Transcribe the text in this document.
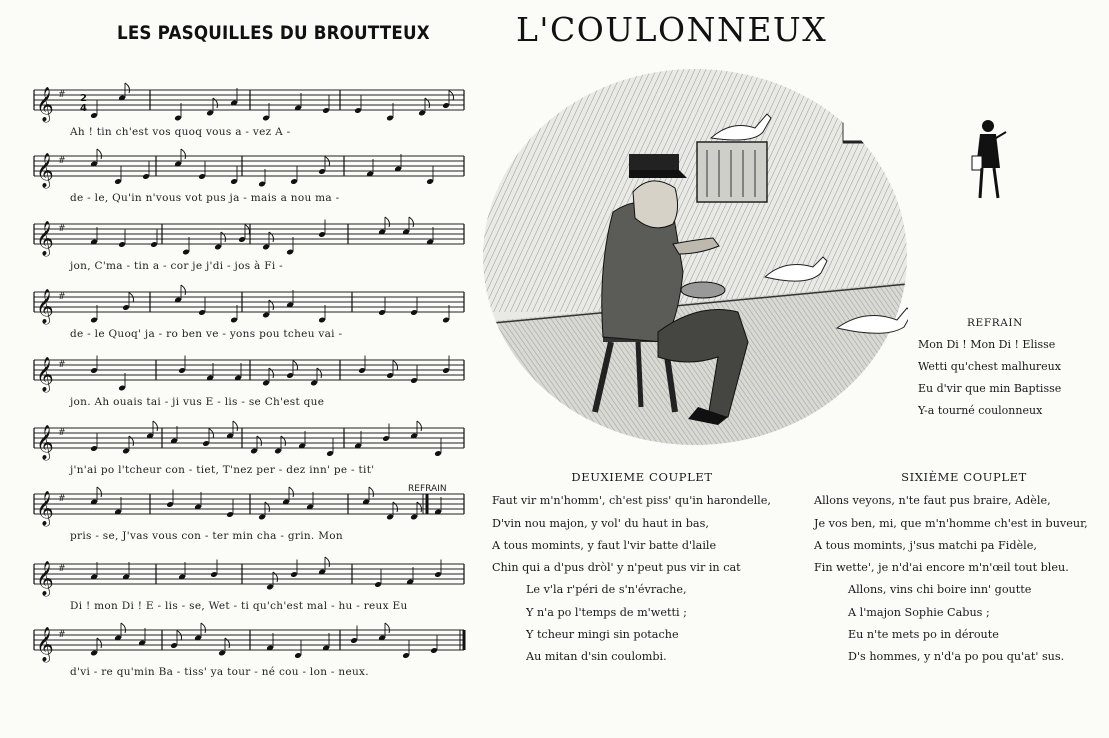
LES PASQUILLES DU BROUTTEUX	L'COULONNEUX
𝄞 # 2
4
Ah ! tin ch'est vos quoq vous a - vez A -
𝄞 #
de - le, Qu'in n'vous vot pus ja - mais a nou ma -
𝄞 #
jon, C'ma - tin a - cor je j'di - jos à Fi -
𝄞 #
de - le Quoq' ja - ro ben ve - yons pou tcheu vai -
𝄞 #
jon. Ah ouais tai - ji vus E - lis - se Ch'est que
𝄞 #
j'n'ai po l'tcheur con - tiet, T'nez per - dez inn' pe - tit'
REFRAIN
𝄞 #
pris - se, J'vas vous con - ter min cha - grin. Mon
𝄞 #
Di ! mon Di ! E - lis - se, Wet - ti qu'ch'est mal - hu - reux Eu
𝄞 #
d'vi - re qu'min Ba - tiss' ya tour - né cou - lon - neux.
REFRAIN
Mon Di ! Mon Di ! Elisse
Wetti qu'chest malhureux
Eu d'vir que min Baptisse
Y-a tourné coulonneux
DEUXIEME COUPLET
Faut vir m'n'homm', ch'est piss' qu'in harondelle,
D'vin nou majon, y vol' du haut in bas,
A tous momints, y faut l'vir batte d'laile
Chin qui a d'pus dròl' y n'peut pus vir in cat
Le v'la r'péri de s'n'évrache,
Y n'a po l'temps de m'wetti ;
Y tcheur mingi sin potache
Au mitan d'sin coulombi.
SIXIÈME COUPLET
Allons veyons, n'te faut pus braire, Adèle,
Je vos ben, mi, que m'n'homme ch'est in buveur,
A tous momints, j'sus matchi pa Fidèle,
Fin wette', je n'd'ai encore m'n'œil tout bleu.
Allons, vins chi boire inn' goutte
A l'majon Sophie Cabus ;
Eu n'te mets po in déroute
D's hommes, y n'd'a po pou qu'at' sus.
